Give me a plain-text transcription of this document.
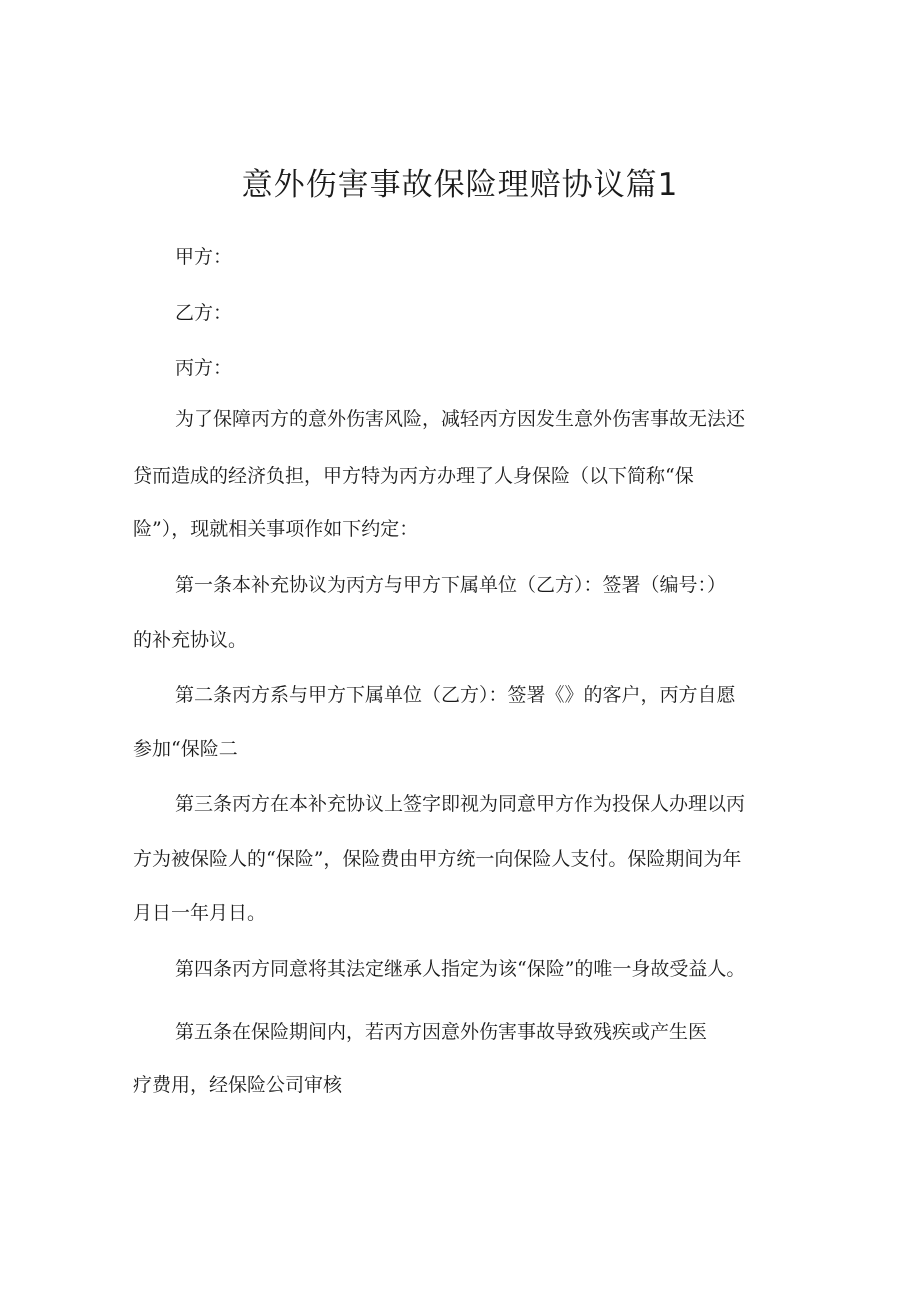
意外伤害事故保险理赔协议篇1

甲方：

乙方：

丙方：

为了保障丙方的意外伤害风险，减轻丙方因发生意外伤害事故无法还

贷而造成的经济负担，甲方特为丙方办理了人身保险（以下简称“保

险”），现就相关事项作如下约定：

第一条本补充协议为丙方与甲方下属单位（乙方）：签署（编号：）

的补充协议。

第二条丙方系与甲方下属单位（乙方）：签署《》的客户，丙方自愿

参加“保险二

第三条丙方在本补充协议上签字即视为同意甲方作为投保人办理以丙

方为被保险人的“保险”，保险费由甲方统一向保险人支付。保险期间为年

月日一年月日。

第四条丙方同意将其法定继承人指定为该“保险”的唯一身故受益人。

第五条在保险期间内，若丙方因意外伤害事故导致残疾或产生医

疗费用，经保险公司审核
